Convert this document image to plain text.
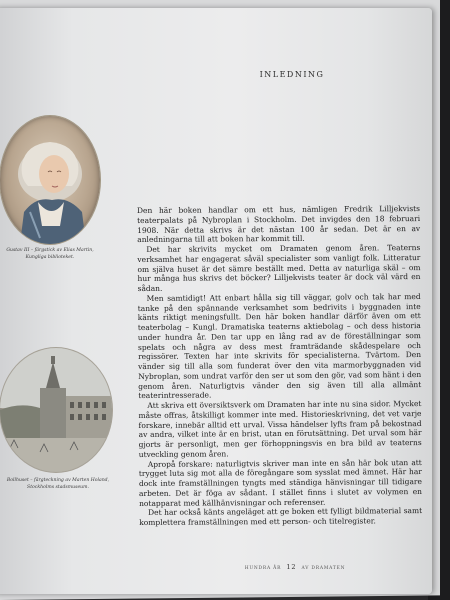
INLEDNING
Gustav III – färgstick av Elias Martin, Kungliga biblioteket.
Bollhuset – färgteckning av Marten Holand, Stockholms stadsmuseum.

Den här boken handlar om ett hus, nämligen Fredrik Lilljekvists teaterpalats på Nybroplan i Stockholm. Det invigdes den 18 februari 1908. När detta skrivs är det nästan 100 år sedan. Det är en av anledningarna till att boken har kommit till.

Det har skrivits mycket om Dramaten genom åren. Teaterns verksamhet har engagerat såväl specialister som vanligt folk. Litteratur om själva huset är det sämre beställt med. Detta av naturliga skäl – om hur många hus skrivs det böcker? Lilljekvists teater är dock väl värd en sådan.

Men samtidigt! Att enbart hålla sig till väggar, golv och tak har med tanke på den spännande verksamhet som bedrivits i byggnaden inte känts riktigt meningsfullt. Den här boken handlar därför även om ett teaterbolag – Kungl. Dramatiska teaterns aktiebolag – och dess historia under hundra år. Den tar upp en lång rad av de föreställningar som spelats och några av dess mest framträdande skådespelare och regissörer. Texten har inte skrivits för specialisterna. Tvärtom. Den vänder sig till alla som funderat över den vita marmorbyggnaden vid Nybroplan, som undrat varför den ser ut som den gör, vad som hänt i den genom åren. Naturligtvis vänder den sig även till alla allmänt teaterintresserade.

Att skriva ett översiktsverk om Dramaten har inte nu sina sidor. Mycket måste offras, åtskilligt kommer inte med. Historieskrivning, det vet varje forskare, innebär alltid ett urval. Vissa händelser lyfts fram på bekostnad av andra, vilket inte är en brist, utan en förutsättning. Det urval som här gjorts är personligt, men ger förhoppningsvis en bra bild av teaterns utveckling genom åren.

Apropå forskare: naturligtvis skriver man inte en sån här bok utan att trygget luta sig mot alla de föregångare som sysslat med ämnet. Här har dock inte framställningen tyngts med ständiga hänvisningar till tidigare arbeten. Det är föga av sådant. I stället finns i slutet av volymen en notapparat med källhänvisningar och referenser.

Det har också känts angeläget att ge boken ett fylligt bildmaterial samt komplettera framställningen med ett person- och titelregister.

HUNDRA ÅR 12 AV DRAMATEN
